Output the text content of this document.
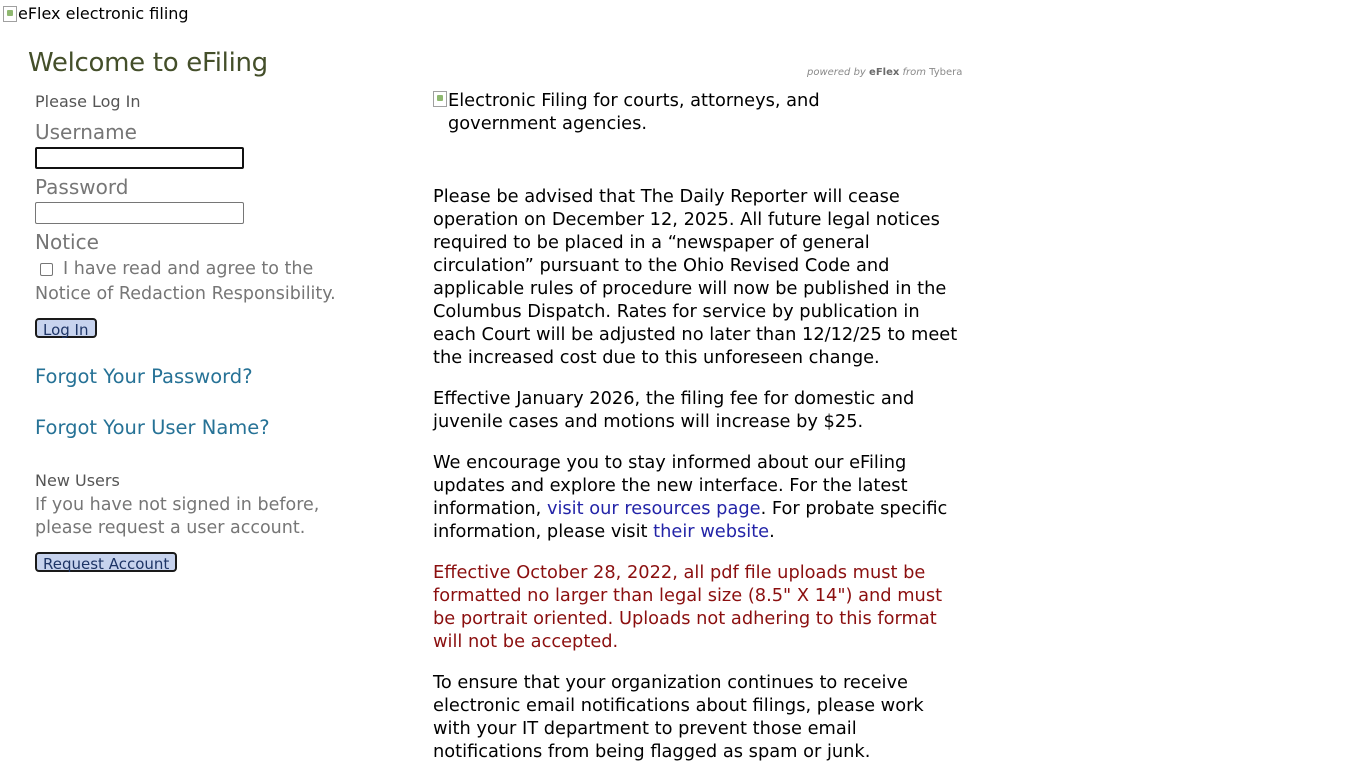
eFlex electronic filing
Welcome to eFiling	powered by eFlex from Tybera
Please Log In
Username
Password
Notice
I have read and agree to the

Notice of Redaction Responsibility.
Log In
Forgot Your Password?
Forgot Your User Name?
New Users
If you have not signed in before, please request a user account.
Request Account
Electronic Filing for courts, attorneys, and government agencies.

Please be advised that The Daily Reporter will cease operation on December 12, 2025. All future legal notices required to be placed in a “newspaper of general circulation” pursuant to the Ohio Revised Code and applicable rules of procedure will now be published in the Columbus Dispatch. Rates for service by publication in each Court will be adjusted no later than 12/12/25 to meet the increased cost due to this unforeseen change.

Effective January 2026, the filing fee for domestic and juvenile cases and motions will increase by $25.

We encourage you to stay informed about our eFiling updates and explore the new interface. For the latest information, visit our resources page. For probate specific information, please visit their website.

Effective October 28, 2022, all pdf file uploads must be formatted no larger than legal size (8.5" X 14") and must be portrait oriented. Uploads not adhering to this format will not be accepted.

To ensure that your organization continues to receive electronic email notifications about filings, please work with your IT department to prevent those email notifications from being flagged as spam or junk.
